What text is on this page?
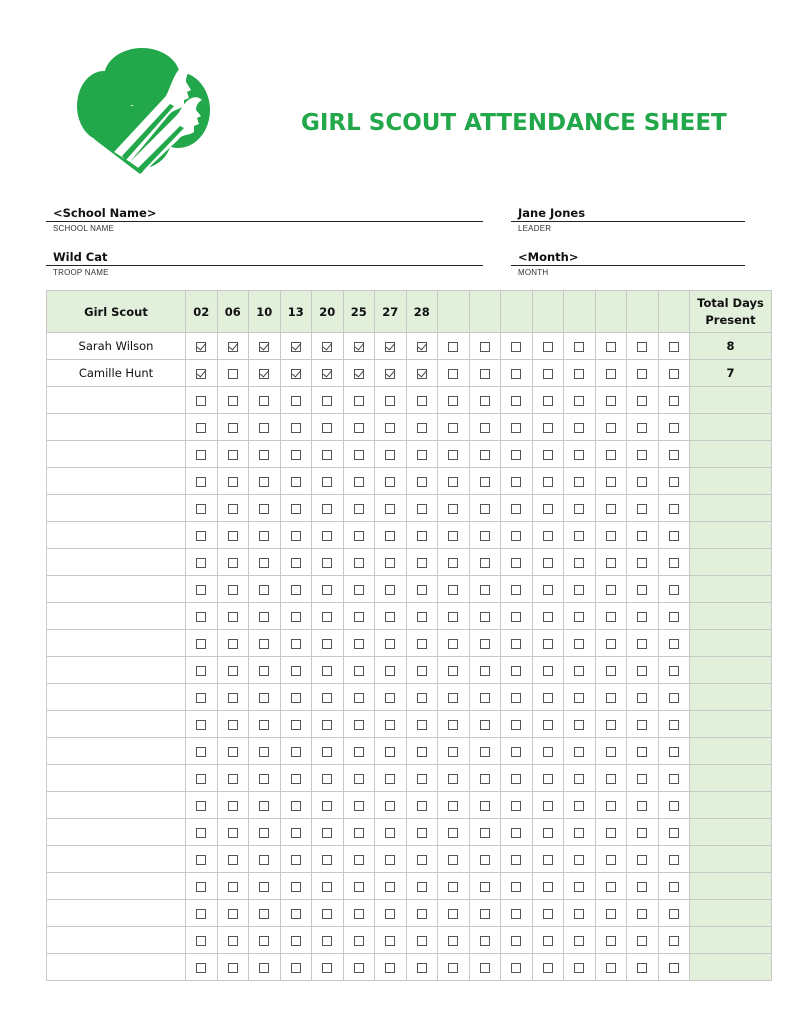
GIRL SCOUT ATTENDANCE SHEET
<School Name>
SCHOOL NAME
Jane Jones
LEADER
Wild Cat
TROOP NAME
<Month>
MONTH
Girl Scout	02	06	10	13	20	25	27	28									Total Days
Present

Sarah Wilson																	8
Camille Hunt																	7
